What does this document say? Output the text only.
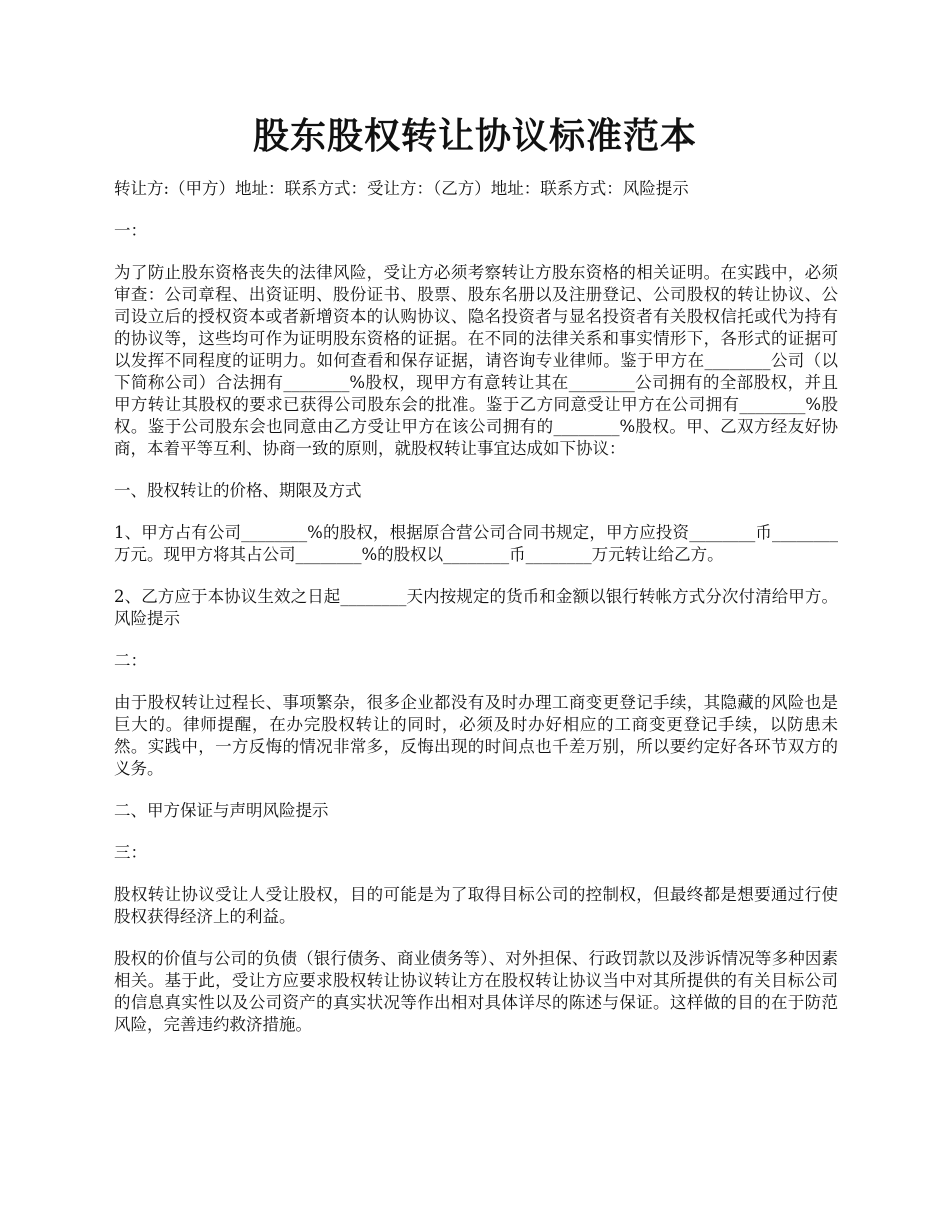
股东股权转让协议标准范本

转让方:（甲方）地址：联系方式：受让方：（乙方）地址：联系方式：风险提示

一：

为了防止股东资格丧失的法律风险，受让方必须考察转让方股东资格的相关证明。在实践中，必须审查：公司章程、出资证明、股份证书、股票、股东名册以及注册登记、公司股权的转让协议、公司设立后的授权资本或者新增资本的认购协议、隐名投资者与显名投资者有关股权信托或代为持有的协议等，这些均可作为证明股东资格的证据。在不同的法律关系和事实情形下，各形式的证据可以发挥不同程度的证明力。如何查看和保存证据，请咨询专业律师。鉴于甲方在________公司（以下简称公司）合法拥有________%股权，现甲方有意转让其在________公司拥有的全部股权，并且甲方转让其股权的要求已获得公司股东会的批准。鉴于乙方同意受让甲方在公司拥有________%股权。鉴于公司股东会也同意由乙方受让甲方在该公司拥有的________%股权。甲、乙双方经友好协商，本着平等互利、协商一致的原则，就股权转让事宜达成如下协议：

一、股权转让的价格、期限及方式

1、甲方占有公司________%的股权，根据原合营公司合同书规定，甲方应投资________币________万元。现甲方将其占公司________%的股权以________币________万元转让给乙方。

2、乙方应于本协议生效之日起________天内按规定的货币和金额以银行转帐方式分次付清给甲方。风险提示

二：

由于股权转让过程长、事项繁杂，很多企业都没有及时办理工商变更登记手续，其隐藏的风险也是巨大的。律师提醒，在办完股权转让的同时，必须及时办好相应的工商变更登记手续，以防患未然。实践中，一方反悔的情况非常多，反悔出现的时间点也千差万别，所以要约定好各环节双方的义务。

二、甲方保证与声明风险提示

三：

股权转让协议受让人受让股权，目的可能是为了取得目标公司的控制权，但最终都是想要通过行使股权获得经济上的利益。

股权的价值与公司的负债（银行债务、商业债务等）、对外担保、行政罚款以及涉诉情况等多种因素相关。基于此，受让方应要求股权转让协议转让方在股权转让协议当中对其所提供的有关目标公司的信息真实性以及公司资产的真实状况等作出相对具体详尽的陈述与保证。这样做的目的在于防范风险，完善违约救济措施。
